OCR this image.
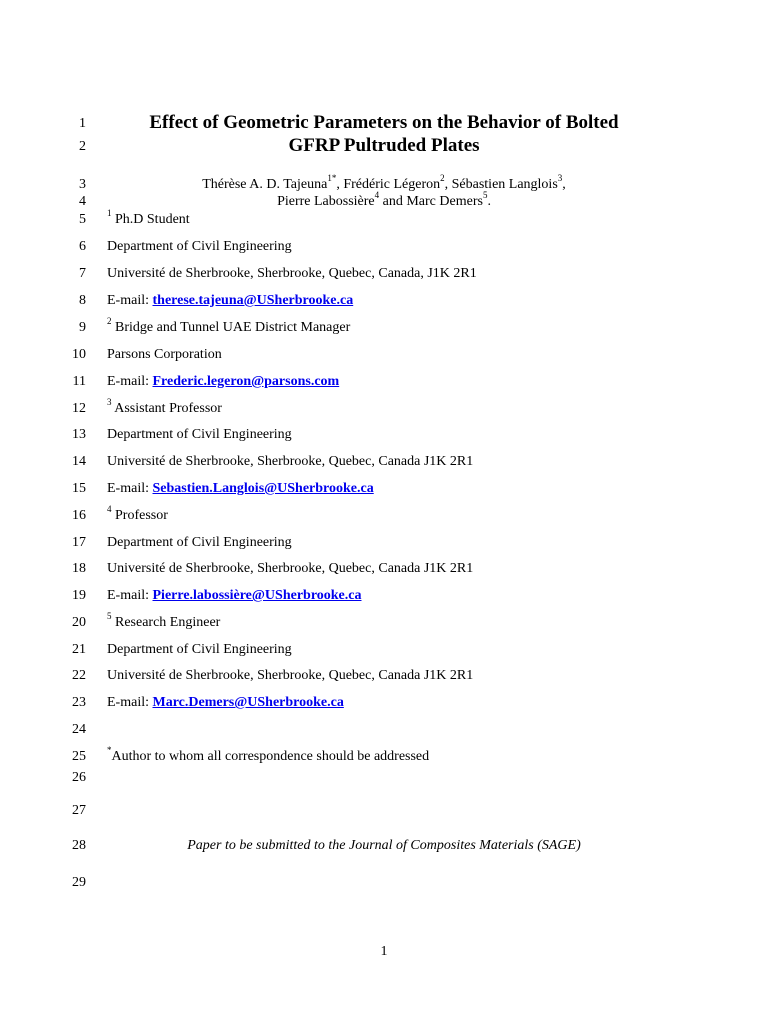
1
2
3
4
5
6
7
8
9
10
11
12
13
14
15
16
17
18
19
20
21
22
23
24
25
26
27
28
29
Effect of Geometric Parameters on the Behavior of Bolted
GFRP Pultruded Plates
Thérèse A. D. Tajeuna$^{1*}$, Frédéric Légeron$^2$, Sébastien Langlois$^3$,
Pierre Labossière$^4$ and Marc Demers$^5$.
$^1$ Ph.D Student
Department of Civil Engineering
Université de Sherbrooke, Sherbrooke, Quebec, Canada, J1K 2R1
E-mail: therese.tajeuna@USherbrooke.ca
$^2$ Bridge and Tunnel UAE District Manager
Parsons Corporation
E-mail: Frederic.legeron@parsons.com
$^3$ Assistant Professor
Department of Civil Engineering
Université de Sherbrooke, Sherbrooke, Quebec, Canada J1K 2R1
E-mail: Sebastien.Langlois@USherbrooke.ca
$^4$ Professor
Department of Civil Engineering
Université de Sherbrooke, Sherbrooke, Quebec, Canada J1K 2R1
E-mail: Pierre.labossière@USherbrooke.ca
$^5$ Research Engineer
Department of Civil Engineering
Université de Sherbrooke, Sherbrooke, Quebec, Canada J1K 2R1
E-mail: Marc.Demers@USherbrooke.ca
*Author to whom all correspondence should be addressed
Paper to be submitted to the Journal of Composites Materials (SAGE)
1
